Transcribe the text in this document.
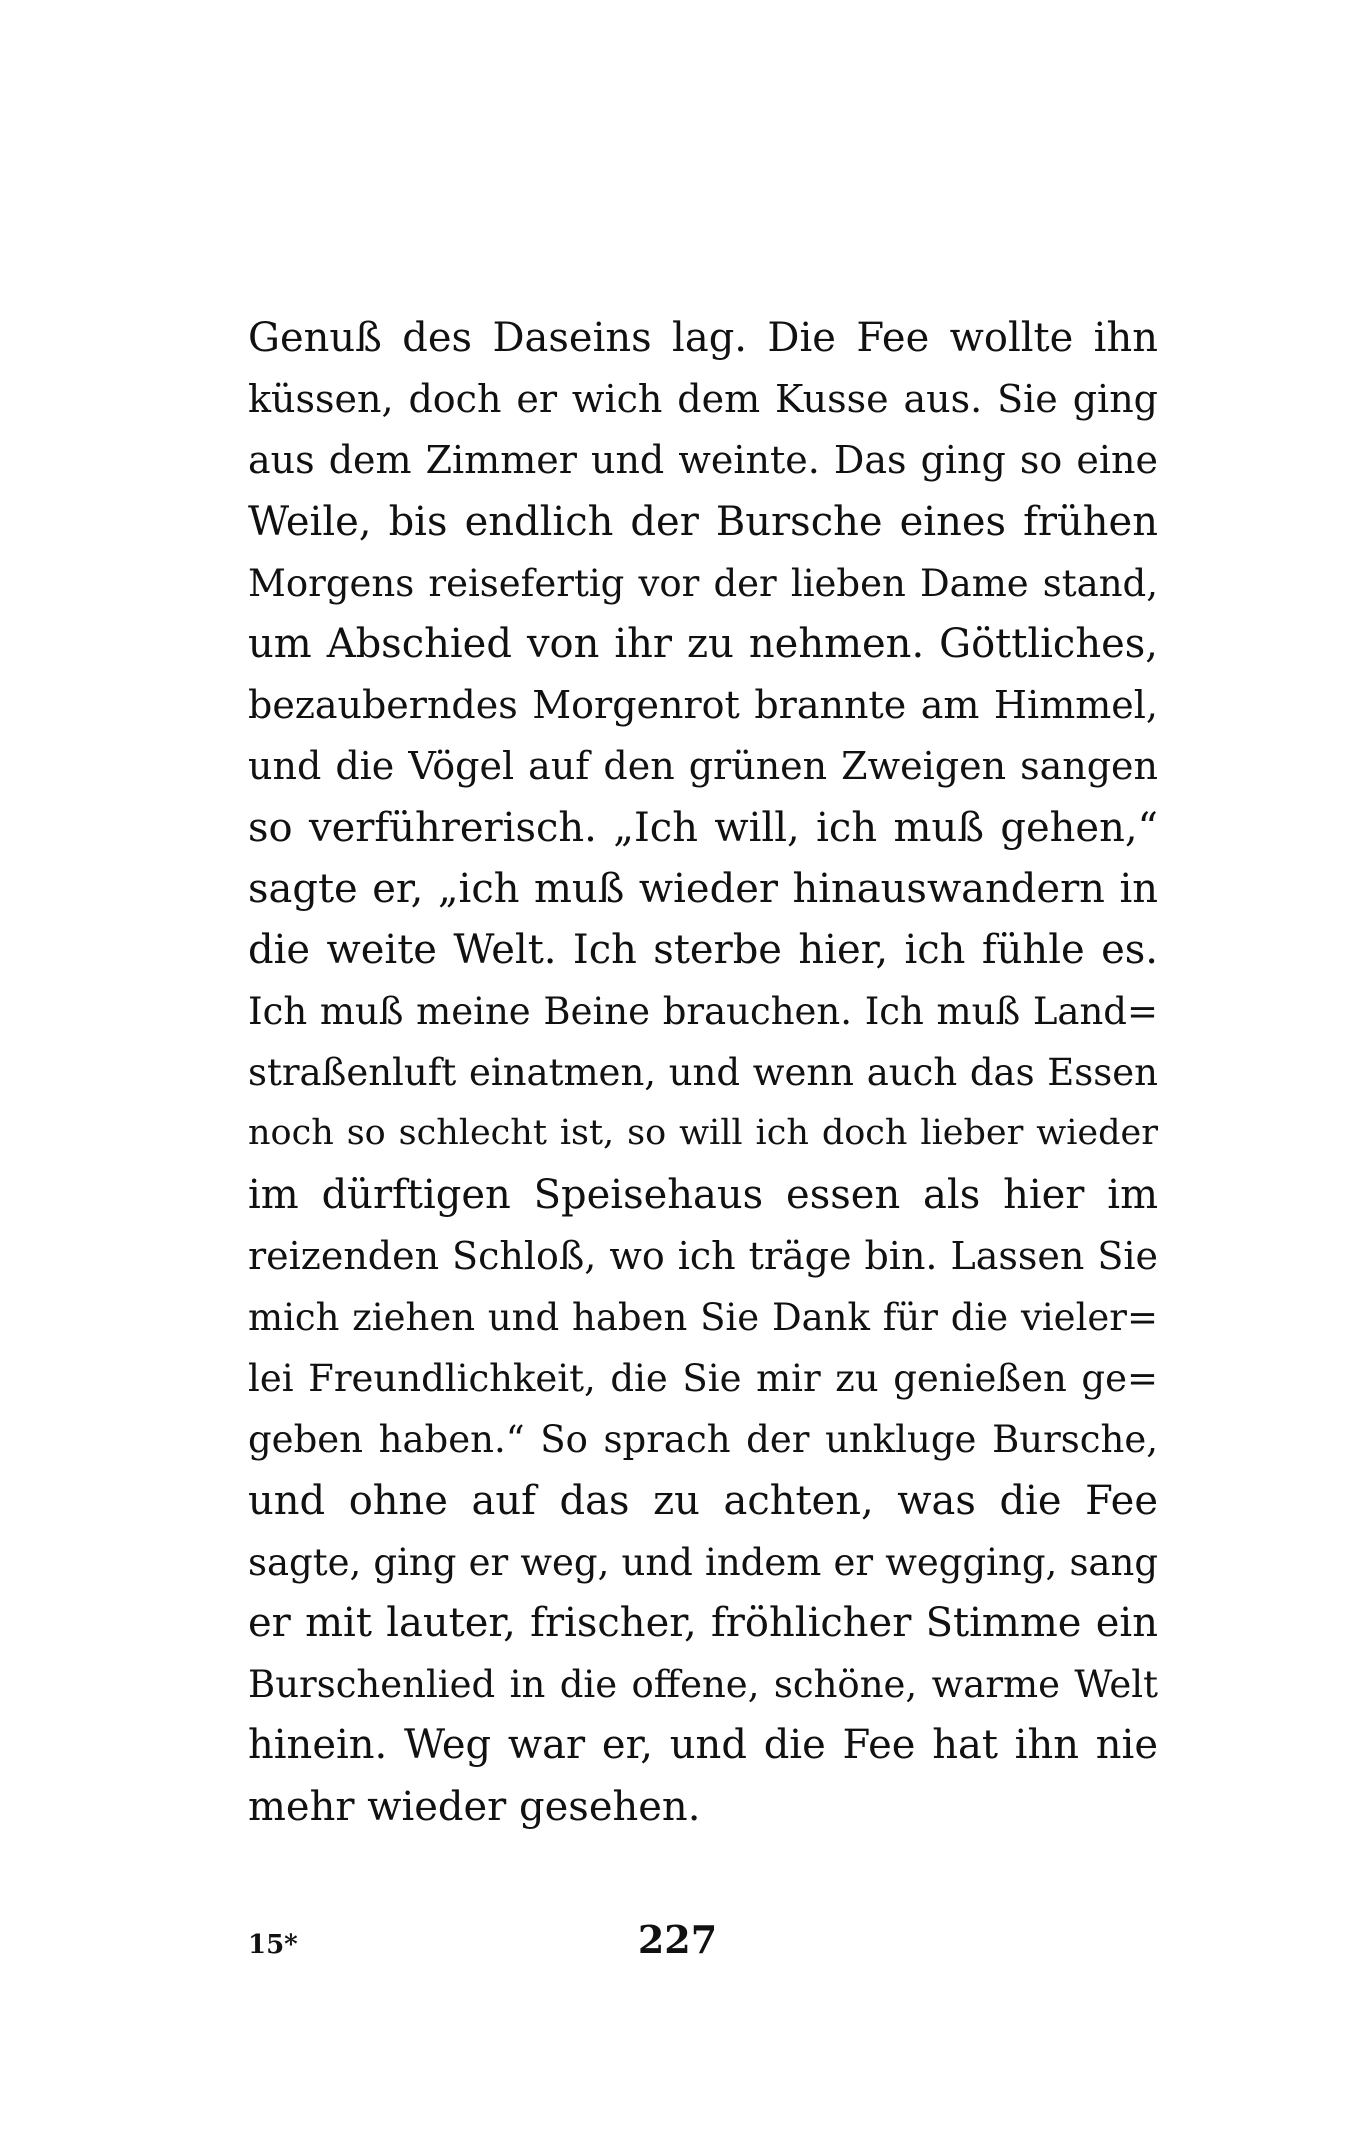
Genuß des Daseins lag. Die Fee wollte ihn
küssen, doch er wich dem Kusse aus. Sie ging
aus dem Zimmer und weinte. Das ging so eine
Weile, bis endlich der Bursche eines frühen
Morgens reisefertig vor der lieben Dame stand,
um Abschied von ihr zu nehmen. Göttliches,
bezauberndes Morgenrot brannte am Himmel,
und die Vögel auf den grünen Zweigen sangen
so verführerisch. „Ich will, ich muß gehen,“
sagte er, „ich muß wieder hinauswandern in
die weite Welt. Ich sterbe hier, ich fühle es.
Ich muß meine Beine brauchen. Ich muß Land=
straßenluft einatmen, und wenn auch das Essen
noch so schlecht ist, so will ich doch lieber wieder
im dürftigen Speisehaus essen als hier im
reizenden Schloß, wo ich träge bin. Lassen Sie
mich ziehen und haben Sie Dank für die vieler=
lei Freundlichkeit, die Sie mir zu genießen ge=
geben haben.“ So sprach der unkluge Bursche,
und ohne auf das zu achten, was die Fee
sagte, ging er weg, und indem er wegging, sang
er mit lauter, frischer, fröhlicher Stimme ein
Burschenlied in die offene, schöne, warme Welt
hinein. Weg war er, und die Fee hat ihn nie
mehr wieder gesehen.
15*	227
